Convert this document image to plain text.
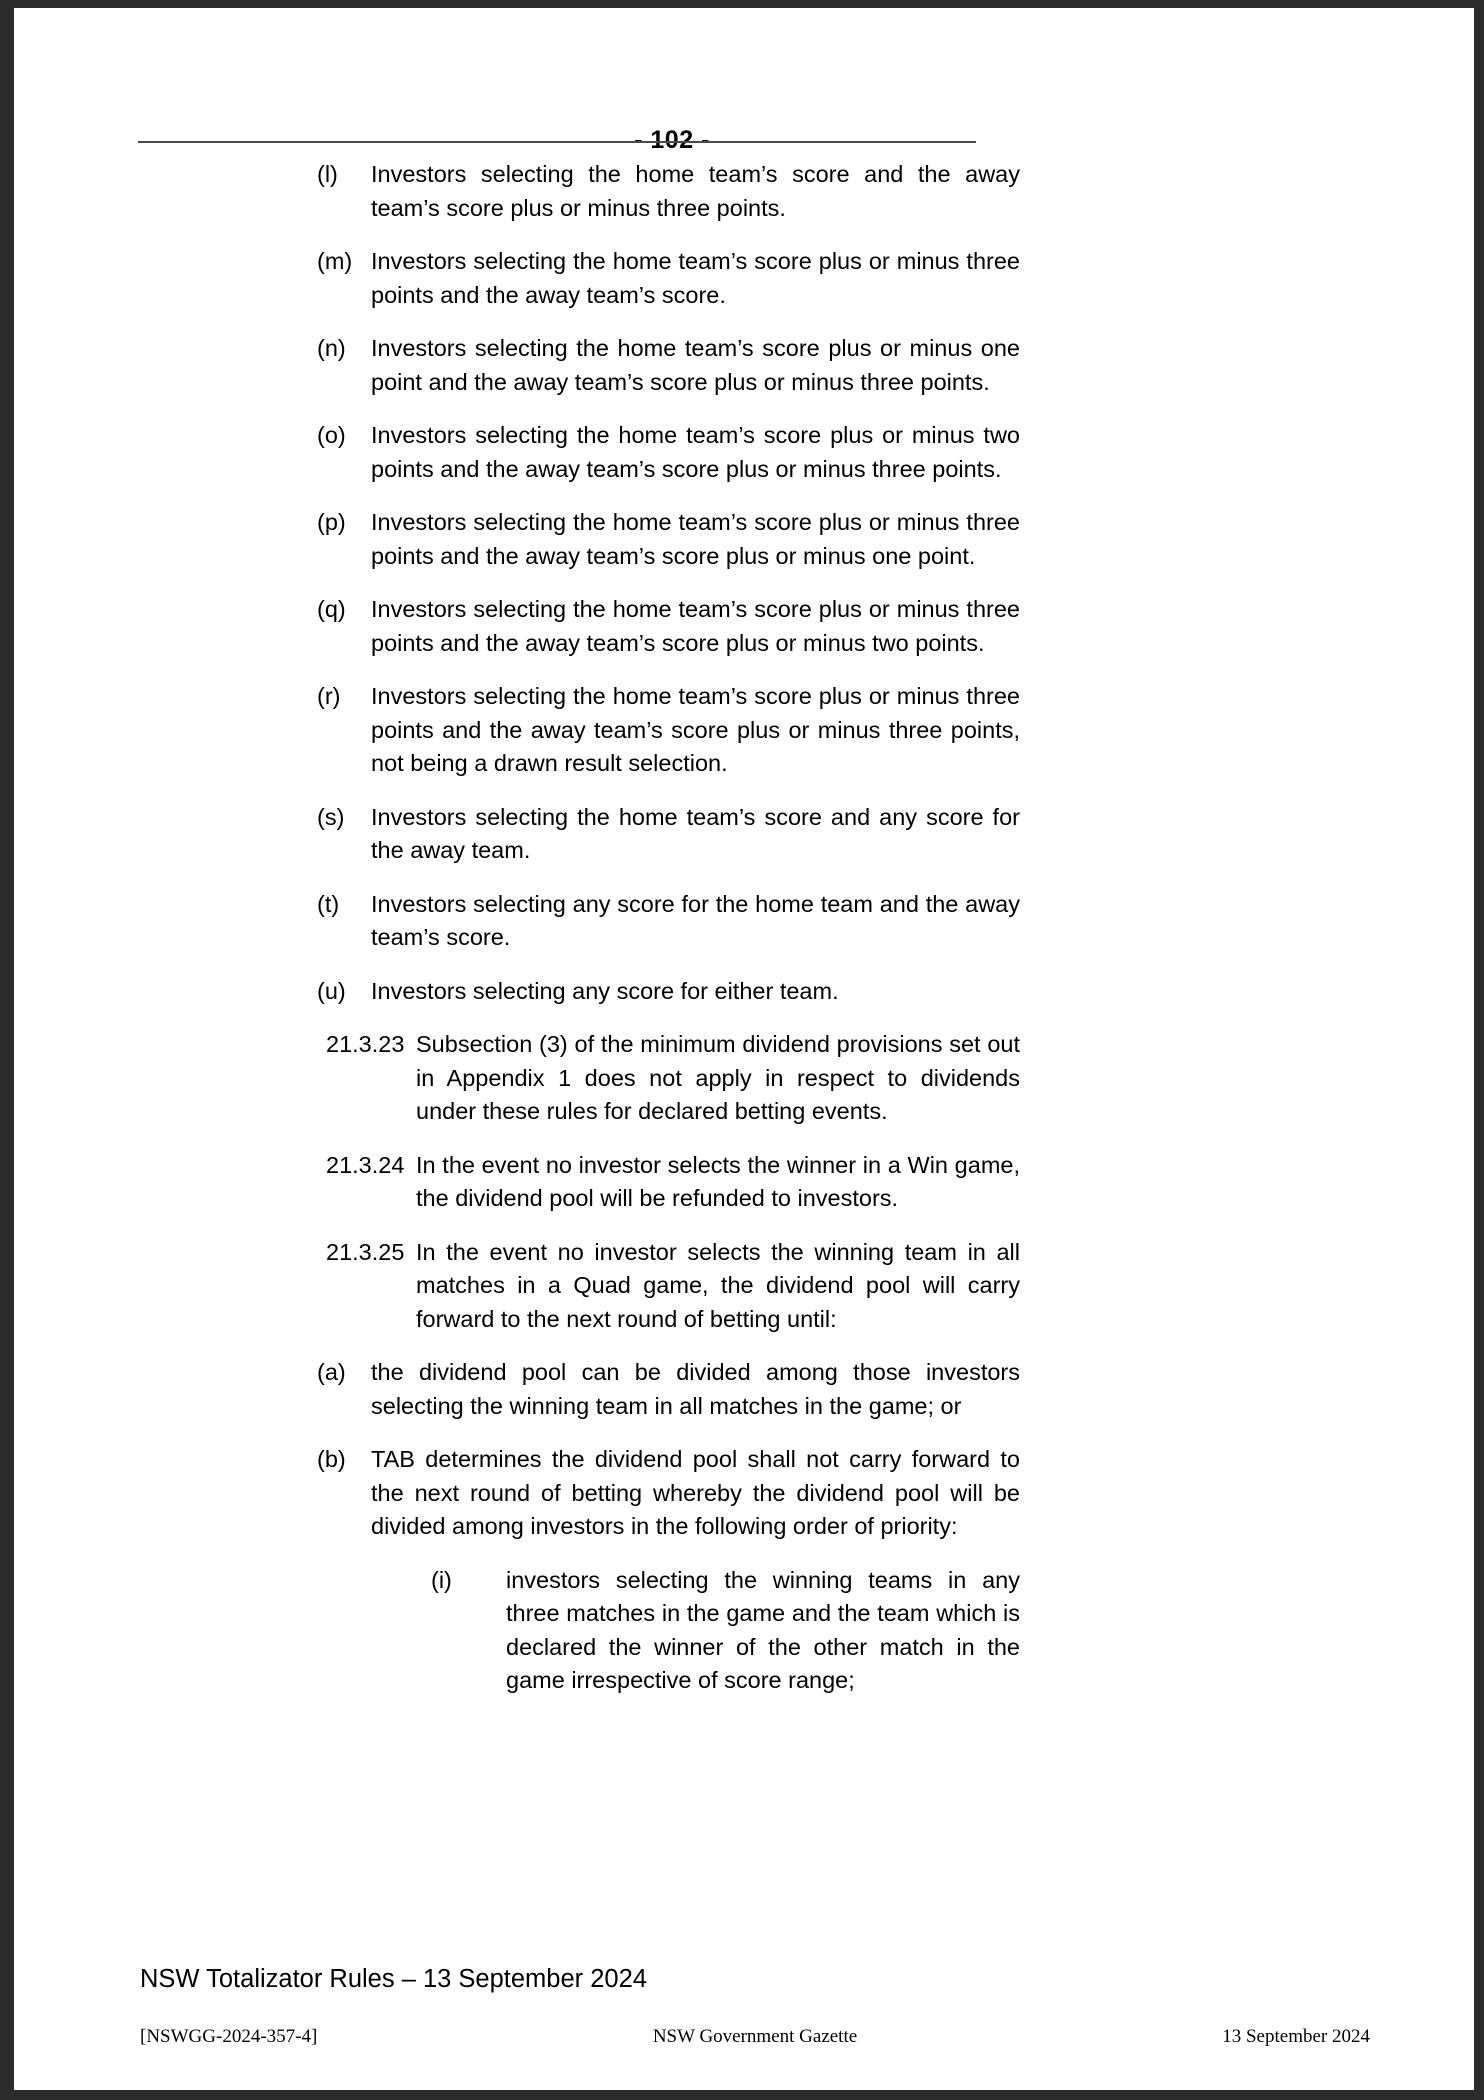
- 102 -
(l)	Investors selecting the home team’s score and the away team’s score plus or minus three points.
(m) Investors selecting the home team’s score plus or minus three points and the away team’s score.
(n)	Investors selecting the home team’s score plus or minus one point and the away team’s score plus or minus three points.
(o)	Investors selecting the home team’s score plus or minus two points and the away team’s score plus or minus three points.
(p)	Investors selecting the home team’s score plus or minus three points and the away team’s score plus or minus one point.
(q)	Investors selecting the home team’s score plus or minus three points and the away team’s score plus or minus two points.
(r)	Investors selecting the home team’s score plus or minus three points and the away team’s score plus or minus three points, not being a drawn result selection.
(s)	Investors selecting the home team’s score and any score for the away team.
(t)	Investors selecting any score for the home team and the away team’s score.
(u)	Investors selecting any score for either team.
21.3.23 Subsection (3) of the minimum dividend provisions set out in Appendix 1 does not apply in respect to dividends under these rules for declared betting events.
21.3.24 In the event no investor selects the winner in a Win game, the dividend pool will be refunded to investors.
21.3.25 In the event no investor selects the winning team in all matches in a Quad game, the dividend pool will carry forward to the next round of betting until:
(a)	the dividend pool can be divided among those investors selecting the winning team in all matches in the game; or
(b)	TAB determines the dividend pool shall not carry forward to the next round of betting whereby the dividend pool will be divided among investors in the following order of priority:
(i)	investors selecting the winning teams in any three matches in the game and the team which is declared the winner of the other match in the game irrespective of score range;
NSW Totalizator Rules – 13 September 2024
[NSWGG-2024-357-4]	NSW Government Gazette	13 September 2024
